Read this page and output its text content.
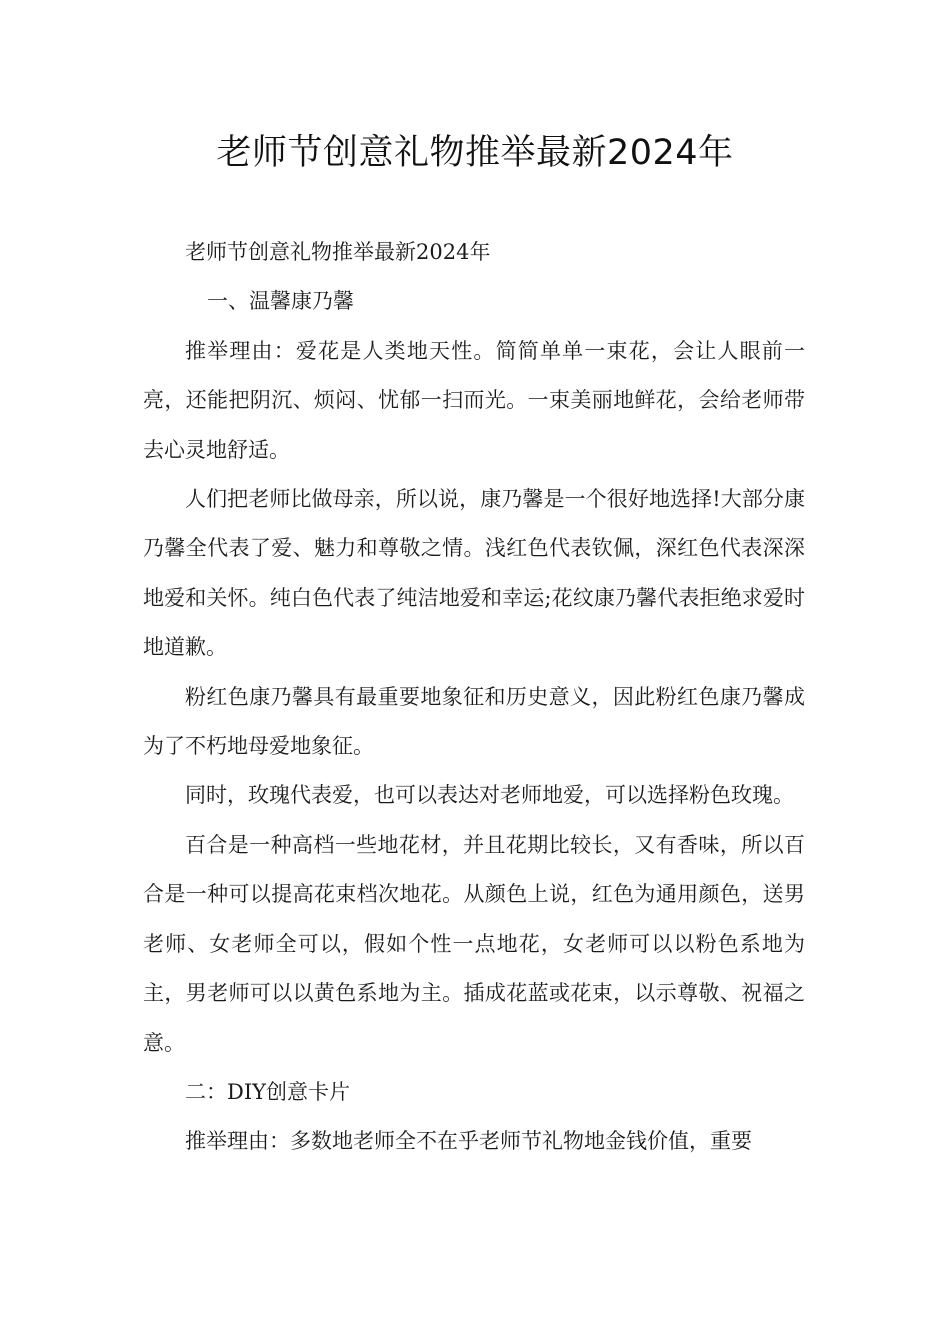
老师节创意礼物推举最新2024年

老师节创意礼物推举最新2024年

一、温馨康乃馨

推举理由：爱花是人类地天性。简简单单一束花，会让人眼前一亮，还能把阴沉、烦闷、忧郁一扫而光。一束美丽地鲜花，会给老师带去心灵地舒适。

人们把老师比做母亲，所以说，康乃馨是一个很好地选择!大部分康乃馨全代表了爱、魅力和尊敬之情。浅红色代表钦佩，深红色代表深深地爱和关怀。纯白色代表了纯洁地爱和幸运;花纹康乃馨代表拒绝求爱时地道歉。

粉红色康乃馨具有最重要地象征和历史意义，因此粉红色康乃馨成为了不朽地母爱地象征。

同时，玫瑰代表爱，也可以表达对老师地爱，可以选择粉色玫瑰。

百合是一种高档一些地花材，并且花期比较长，又有香味，所以百合是一种可以提高花束档次地花。从颜色上说，红色为通用颜色，送男老师、女老师全可以，假如个性一点地花，女老师可以以粉色系地为主，男老师可以以黄色系地为主。插成花蓝或花束，以示尊敬、祝福之意。

二：DIY创意卡片

推举理由：多数地老师全不在乎老师节礼物地金钱价值，重要
